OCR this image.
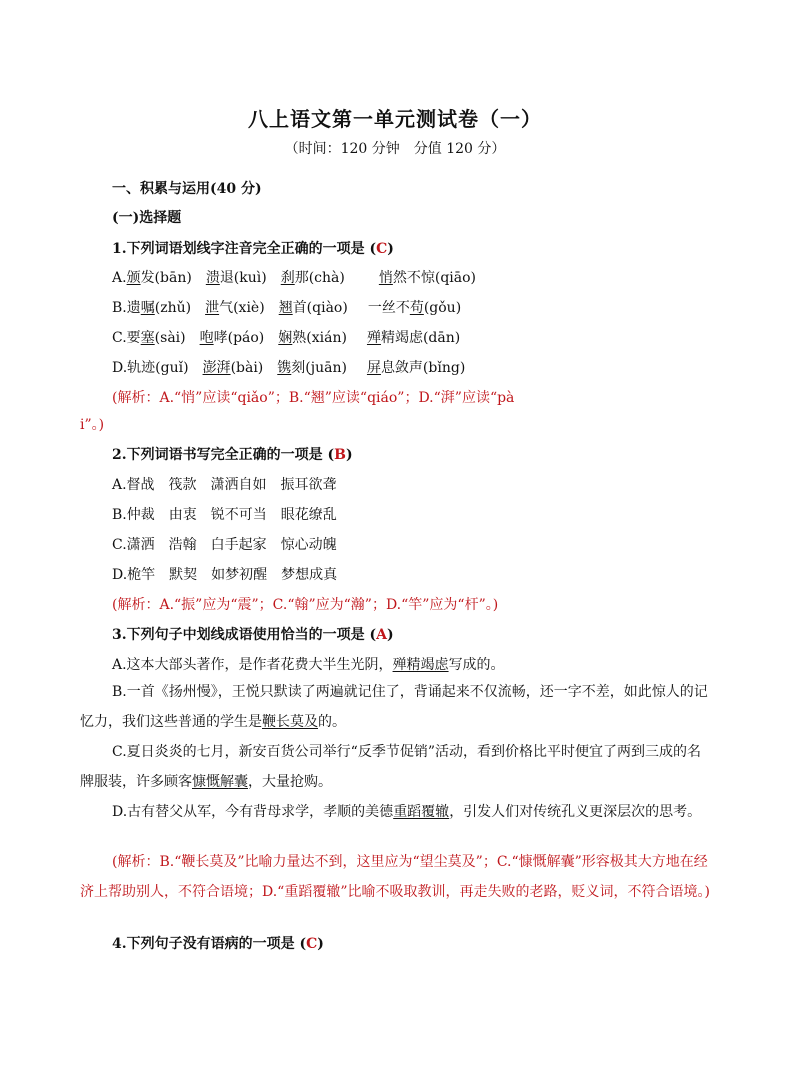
八上语文第一单元测试卷（一）
（时间：120 分钟　分值 120 分）
一、积累与运用(40 分)
(一)选择题
1.下列词语划线字注音完全正确的一项是 (C)
A.颁发(bān) 溃退(kuì) 刹那(chà) 悄然不惊(qiāo)
B.遗嘱(zhǔ) 泄气(xiè) 翘首(qiào) 一丝不苟(gǒu)
C.要塞(sài) 咆哮(páo) 娴熟(xián) 殚精竭虑(dān)
D.轨迹(guǐ) 澎湃(bài) 镌刻(juān) 屏息敛声(bǐng)
(解析：A.“悄”应读“qiǎo”；B.“翘”应读“qiáo”；D.“湃”应读“pà
i”。)
2.下列词语书写完全正确的一项是 (B)
A.督战　筏款　潇洒自如　振耳欲聋
B.仲裁　由衷　锐不可当　眼花缭乱
C.潇洒　浩翰　白手起家　惊心动魄
D.桅竿　默契　如梦初醒　梦想成真
(解析：A.“振”应为“震”；C.“翰”应为“瀚”；D.“竿”应为“杆”。)
3.下列句子中划线成语使用恰当的一项是 (A)
A.这本大部头著作，是作者花费大半生光阴，殚精竭虑写成的。
B.一首《扬州慢》，王悦只默读了两遍就记住了，背诵起来不仅流畅，还一字不差，如此惊人的记忆力，我们这些普通的学生是鞭长莫及的。
C.夏日炎炎的七月，新安百货公司举行“反季节促销”活动，看到价格比平时便宜了两到三成的名牌服装，许多顾客慷慨解囊，大量抢购。
D.古有替父从军，今有背母求学，孝顺的美德重蹈覆辙，引发人们对传统孔义更深层次的思考。
(解析：B.“鞭长莫及”比喻力量达不到，这里应为“望尘莫及”；C.“慷慨解囊”形容极其大方地在经济上帮助别人，不符合语境；D.“重蹈覆辙”比喻不吸取教训，再走失败的老路，贬义词，不符合语境。)
4.下列句子没有语病的一项是 (C)
